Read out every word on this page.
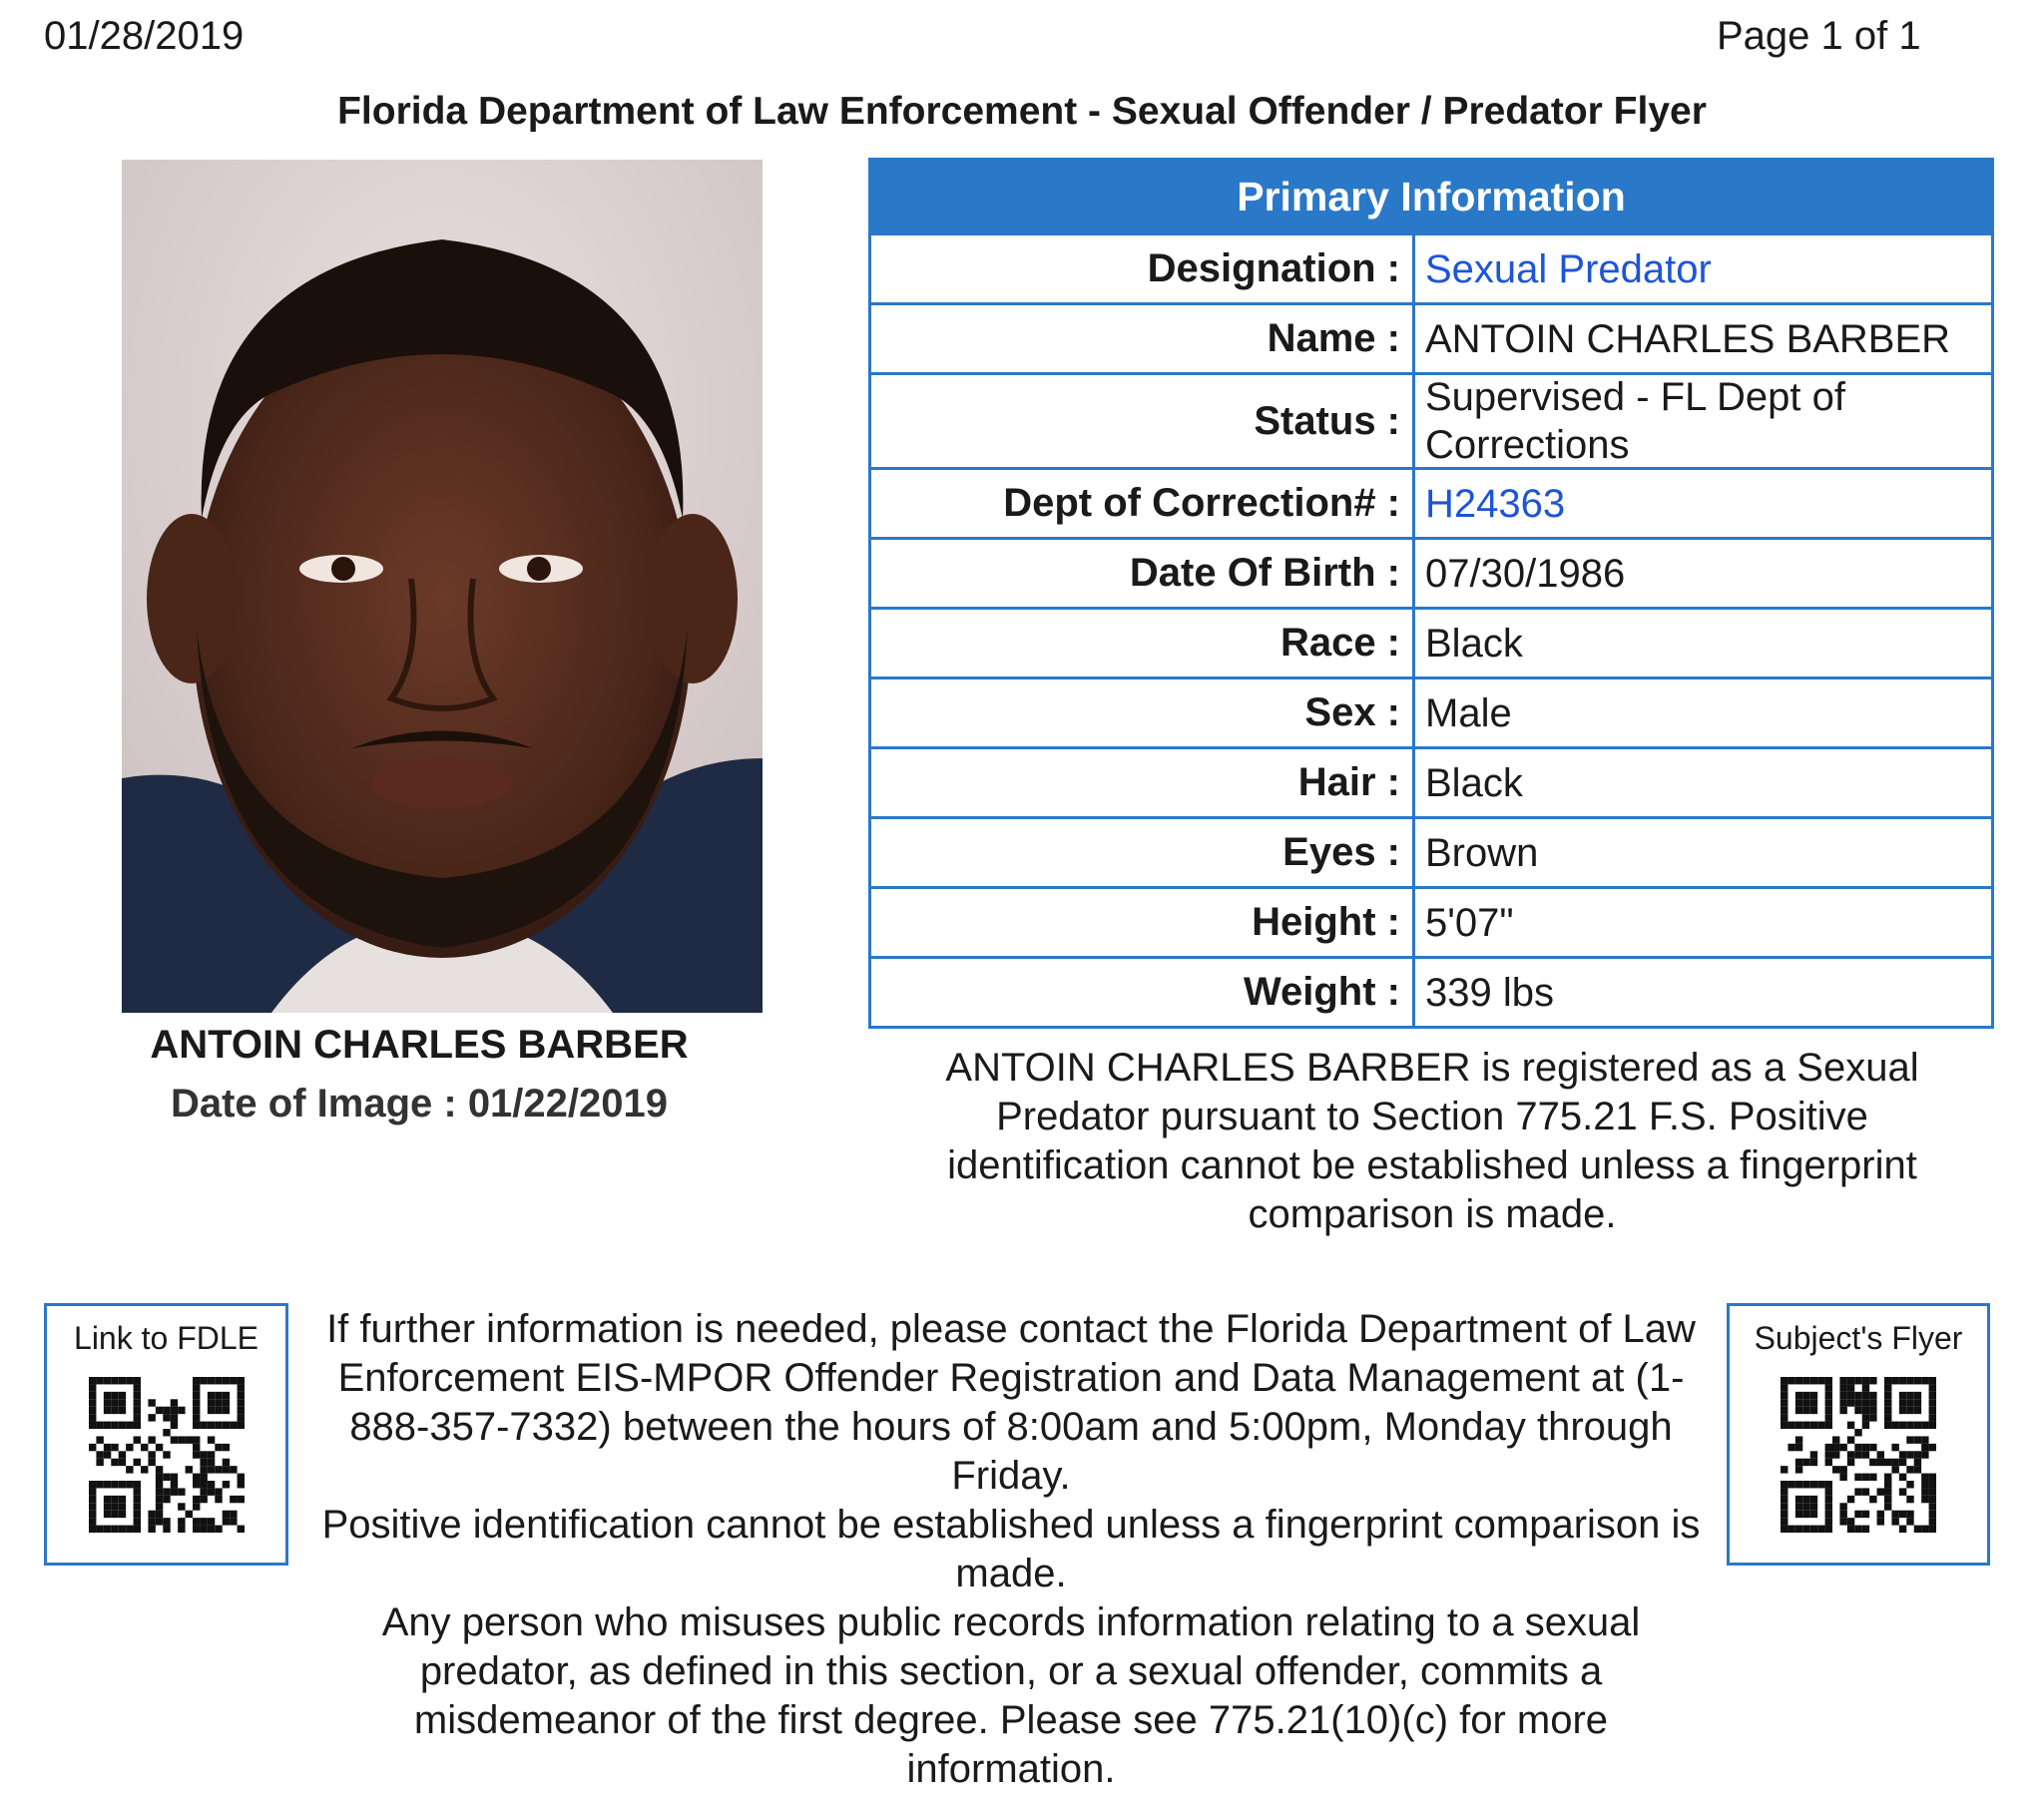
01/28/2019	Page 1 of 1
Florida Department of Law Enforcement - Sexual Offender / Predator Flyer
ANTOIN CHARLES BARBER
Date of Image : 01/22/2019
Primary Information
Designation : Sexual Predator
Name : ANTOIN CHARLES BARBER
Status :
Supervised - FL Dept of Corrections
Dept of Correction# : H24363
Date Of Birth : 07/30/1986
Race : Black
Sex : Male
Hair : Black
Eyes : Brown
Height : 5'07"
Weight : 339 lbs
ANTOIN CHARLES BARBER is registered as a Sexual Predator pursuant to Section 775.21 F.S. Positive identification cannot be established unless a fingerprint comparison is made.
Link to FDLE	If further information is needed, please contact the Florida Department of Law Enforcement EIS-MPOR Offender Registration and Data Management at (1-888-357-7332) between the hours of 8:00am and 5:00pm, Monday through Friday.

Positive identification cannot be established unless a fingerprint comparison is made.

Any person who misuses public records information relating to a sexual predator, as defined in this section, or a sexual offender, commits a misdemeanor of the first degree. Please see 775.21(10)(c) for more information.

Subject's Flyer
